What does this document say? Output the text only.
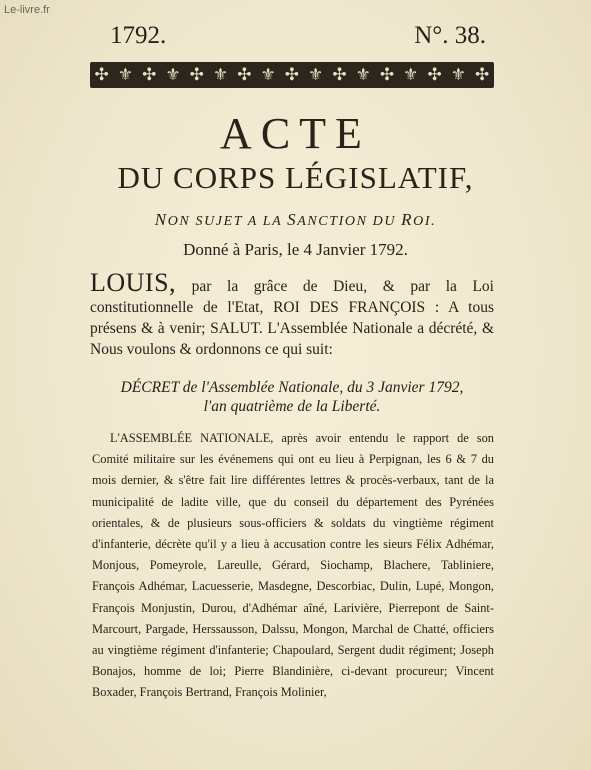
Le-livre.fr
1792.	N°. 38.
✣ ⚜ ✣ ⚜ ✣ ⚜ ✣ ⚜ ✣ ⚜ ✣ ⚜ ✣ ⚜ ✣ ⚜ ✣
ACTE
DU CORPS LÉGISLATIF,
NON SUJET A LA SANCTION DU ROI.
Donné à Paris, le 4 Janvier 1792.
LOUIS, par la grâce de Dieu, & par la Loi constitutionnelle de l'Etat, ROI DES FRANÇOIS : A tous présens & à venir; SALUT. L'Assemblée Nationale a décrété, & Nous voulons & ordonnons ce qui suit:
DÉCRET de l'Assemblée Nationale, du 3 Janvier 1792,
l'an quatrième de la Liberté.
L'ASSEMBLÉE NATIONALE, après avoir entendu le rapport de son Comité militaire sur les événemens qui ont eu lieu à Perpignan, les 6 & 7 du mois dernier, & s'être fait lire différentes lettres & procès-verbaux, tant de la municipalité de ladite ville, que du conseil du département des Pyrénées orientales, & de plusieurs sous-officiers & soldats du vingtième régiment d'infanterie, décrète qu'il y a lieu à accusation contre les sieurs Félix Adhémar, Monjous, Pomeyrole, Lareulle, Gérard, Siochamp, Blachere, Tabliniere, François Adhémar, Lacuesserie, Masdegne, Descorbiac, Dulin, Lupé, Mongon, François Monjustin, Durou, d'Adhémar aîné, Larivière, Pierrepont de Saint-Marcourt, Pargade, Herssausson, Dalssu, Mongon, Marchal de Chatté, officiers au vingtième régiment d'infanterie; Chapoulard, Sergent dudit régiment; Joseph Bonajos, homme de loi; Pierre Blandinière, ci-devant procureur; Vincent Boxader, François Bertrand, François Molinier,
